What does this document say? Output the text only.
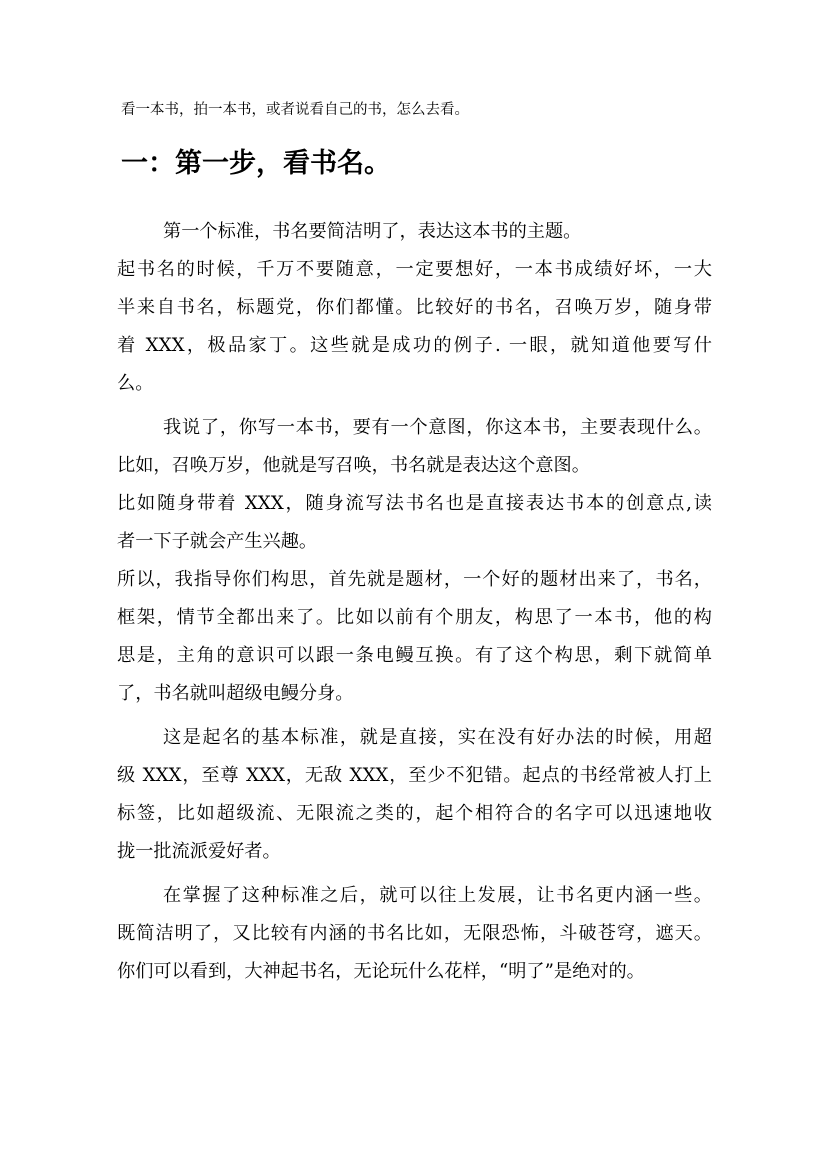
看一本书，拍一本书，或者说看自己的书，怎么去看。
一：第一步，看书名。
第一个标准，书名要简洁明了，表达这本书的主题。
起书名的时候，千万不要随意，一定要想好，一本书成绩好坏，一大
半来自书名，标题党，你们都懂。比较好的书名，召唤万岁，随身带
着 XXX，极品家丁。这些就是成功的例子. 一眼，就知道他要写什
么。
我说了，你写一本书，要有一个意图，你这本书，主要表现什么。
比如，召唤万岁，他就是写召唤，书名就是表达这个意图。
比如随身带着 XXX，随身流写法书名也是直接表达书本的创意点,读
者一下子就会产生兴趣。
所以，我指导你们构思，首先就是题材，一个好的题材出来了，书名，
框架，情节全都出来了。比如以前有个朋友，构思了一本书，他的构
思是，主角的意识可以跟一条电鳗互换。有了这个构思，剩下就简单
了，书名就叫超级电鳗分身。
这是起名的基本标准，就是直接，实在没有好办法的时候，用超
级 XXX，至尊 XXX，无敌 XXX，至少不犯错。起点的书经常被人打上
标签，比如超级流、无限流之类的，起个相符合的名字可以迅速地收
拢一批流派爱好者。
在掌握了这种标准之后，就可以往上发展，让书名更内涵一些。
既简洁明了，又比较有内涵的书名比如，无限恐怖，斗破苍穹，遮天。
你们可以看到，大神起书名，无论玩什么花样，“明了”是绝对的。
